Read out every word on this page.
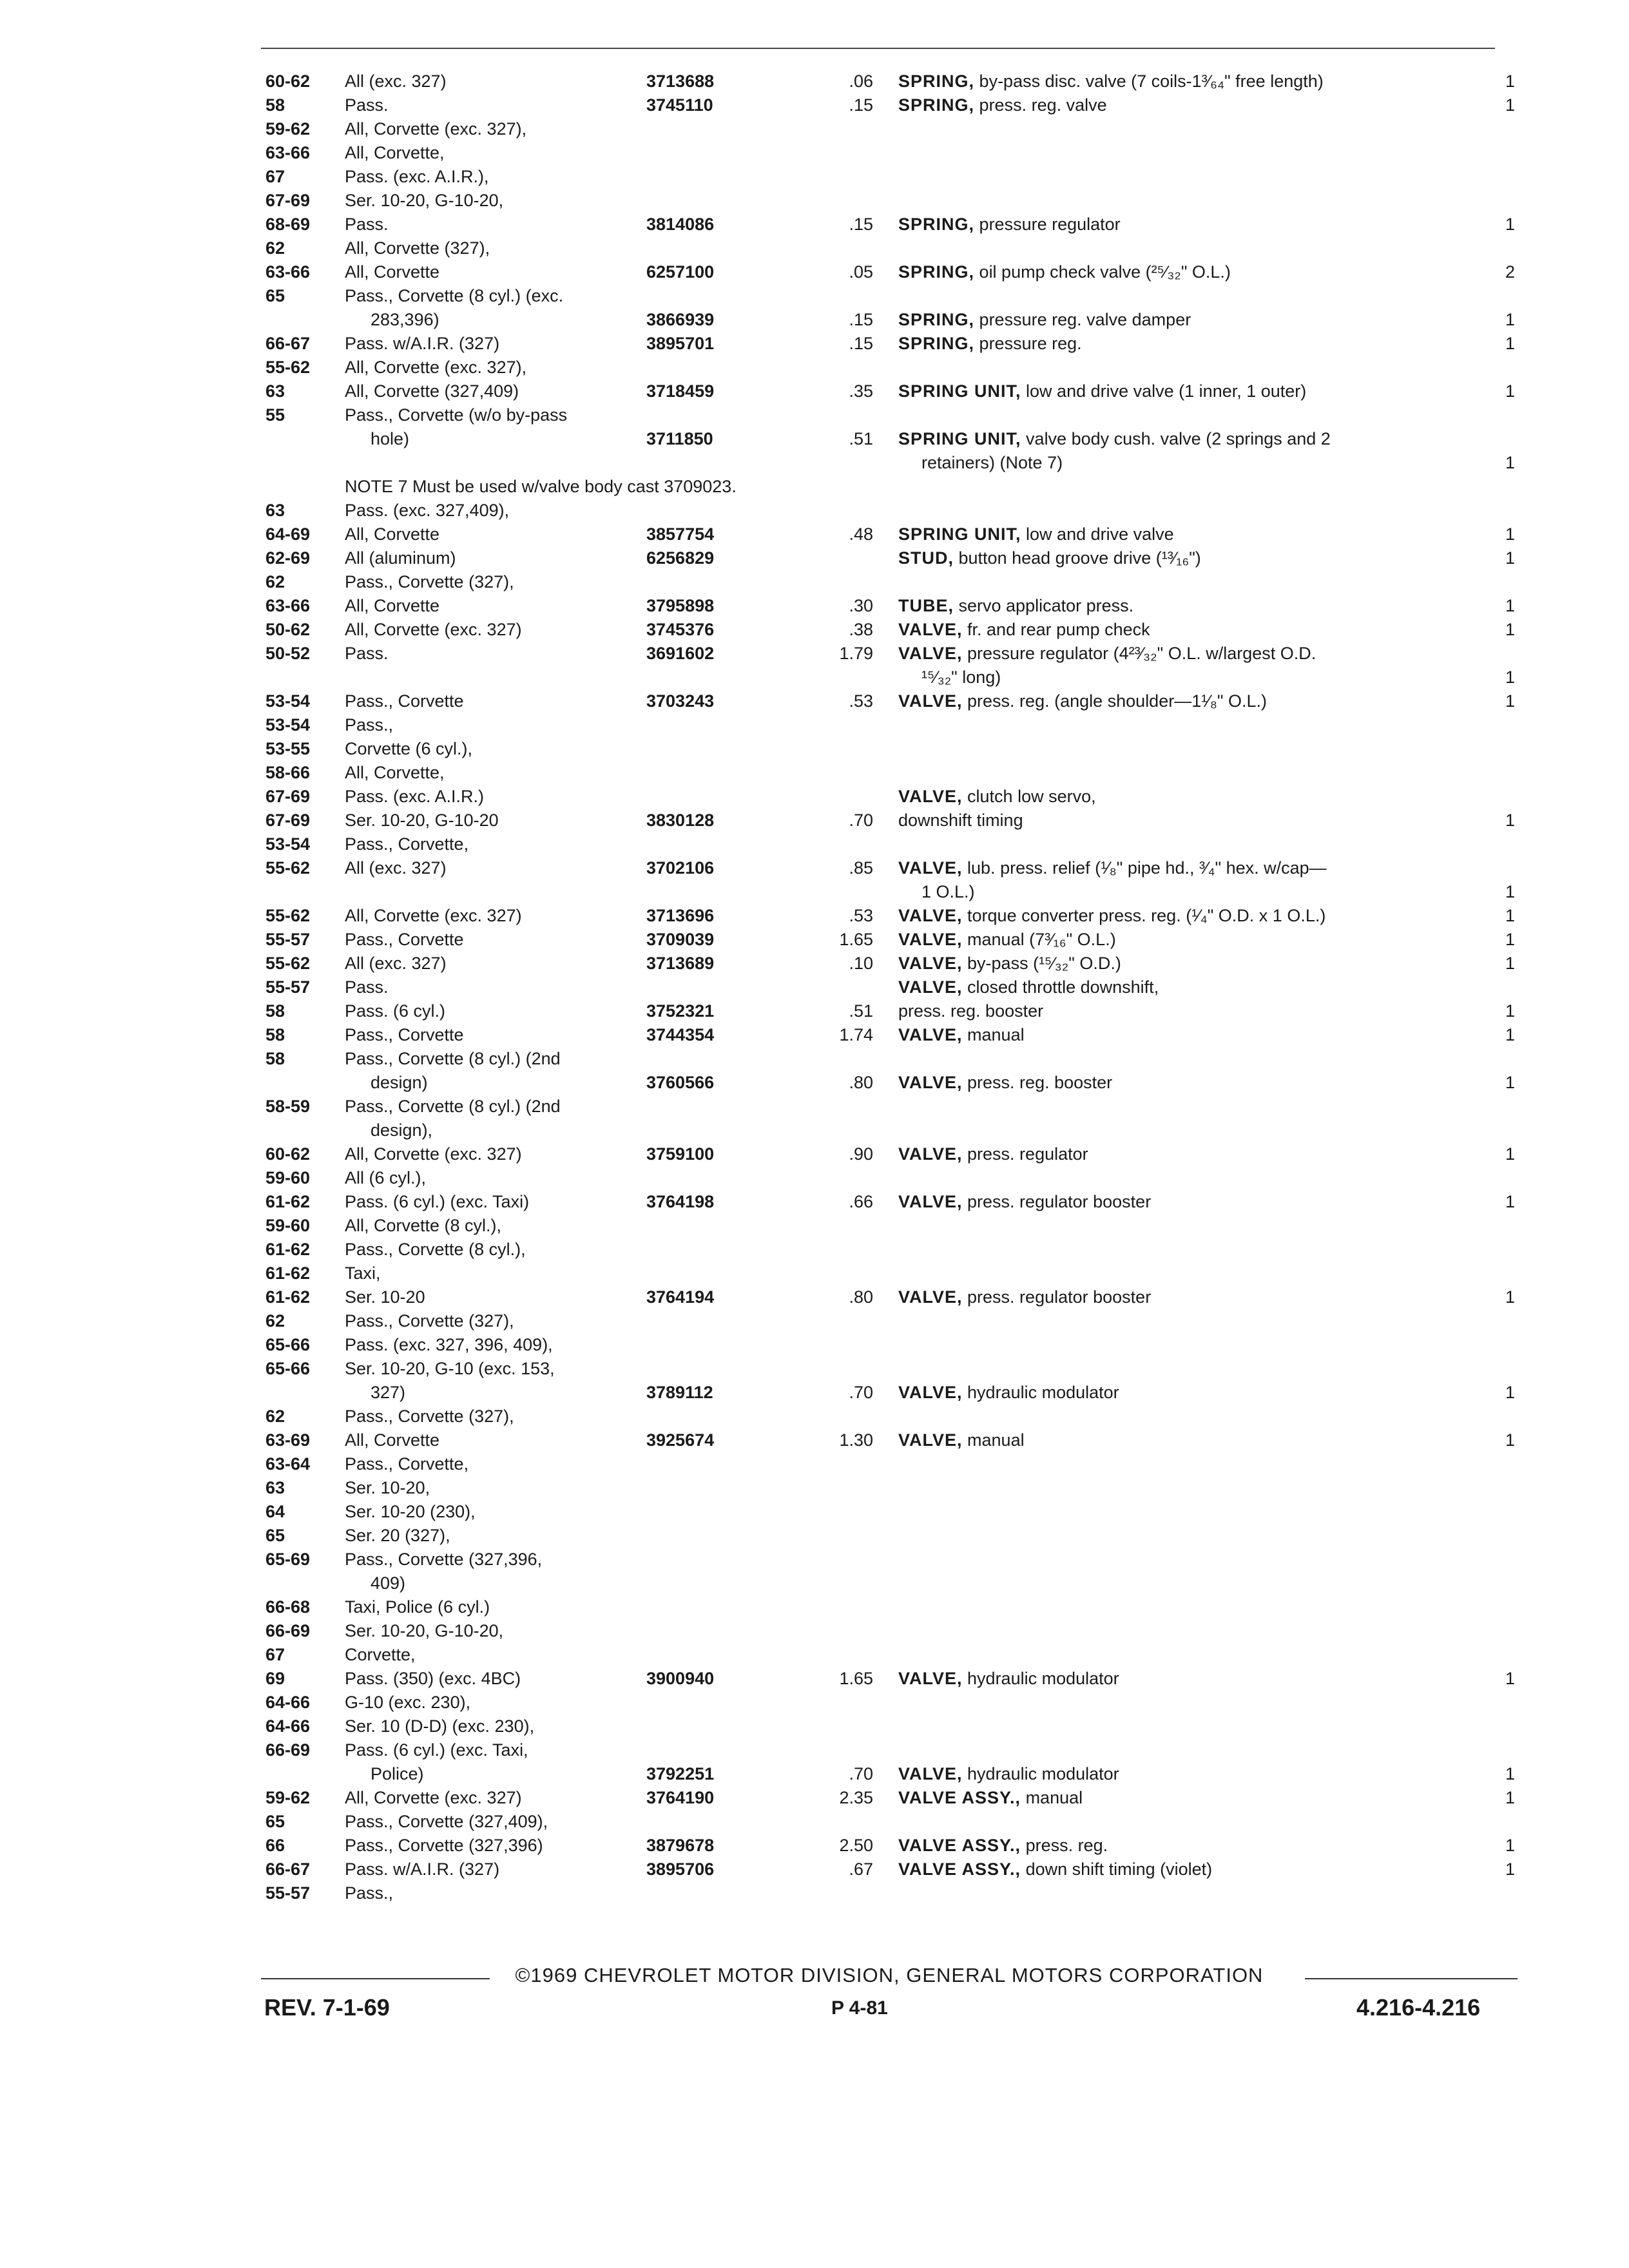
60-62 All (exc. 327)	3713688	.06 SPRING, by-pass disc. valve (7 coils-1³⁄₆₄" free length)	1
58	Pass.	3745110	.15 SPRING, press. reg. valve	1
59-62 All, Corvette (exc. 327),
63-66 All, Corvette,
67	Pass. (exc. A.I.R.),
67-69 Ser. 10-20, G-10-20,
68-69 Pass.	3814086	.15 SPRING, pressure regulator	1
62	All, Corvette (327),
63-66 All, Corvette	6257100	.05 SPRING, oil pump check valve (²⁵⁄₃₂" O.L.)	2
65	Pass., Corvette (8 cyl.) (exc.
283,396)	3866939	.15 SPRING, pressure reg. valve damper	1
66-67 Pass. w/A.I.R. (327)	3895701	.15 SPRING, pressure reg.	1
55-62 All, Corvette (exc. 327),
63	All, Corvette (327,409)	3718459	.35 SPRING UNIT, low and drive valve (1 inner, 1 outer)	1
55	Pass., Corvette (w/o by-pass
hole)	3711850	.51 SPRING UNIT, valve body cush. valve (2 springs and 2
retainers) (Note 7)	1
NOTE 7 Must be used w/valve body cast 3709023.
63	Pass. (exc. 327,409),
64-69 All, Corvette	3857754	.48 SPRING UNIT, low and drive valve	1
62-69 All (aluminum)	6256829	STUD, button head groove drive (¹³⁄₁₆")	1
62	Pass., Corvette (327),
63-66 All, Corvette	3795898	.30 TUBE, servo applicator press.	1
50-62 All, Corvette (exc. 327)	3745376	.38 VALVE, fr. and rear pump check	1
50-52 Pass.	3691602	1.79 VALVE, pressure regulator (4²³⁄₃₂" O.L. w/largest O.D.
¹⁵⁄₃₂" long)	1
53-54 Pass., Corvette	3703243	.53 VALVE, press. reg. (angle shoulder—1¹⁄₈" O.L.)	1
53-54 Pass.,
53-55 Corvette (6 cyl.),
58-66 All, Corvette,
67-69 Pass. (exc. A.I.R.)	VALVE, clutch low servo,
67-69 Ser. 10-20, G-10-20	3830128	.70 downshift timing	1
53-54 Pass., Corvette,
55-62 All (exc. 327)	3702106	.85 VALVE, lub. press. relief (¹⁄₈" pipe hd., ³⁄₄" hex. w/cap—
1 O.L.)	1
55-62 All, Corvette (exc. 327)	3713696	.53 VALVE, torque converter press. reg. (¹⁄₄" O.D. x 1 O.L.)	1
55-57 Pass., Corvette	3709039	1.65 VALVE, manual (7³⁄₁₆" O.L.)	1
55-62 All (exc. 327)	3713689	.10 VALVE, by-pass (¹⁵⁄₃₂" O.D.)	1
55-57 Pass.	VALVE, closed throttle downshift,
58	Pass. (6 cyl.)	3752321	.51 press. reg. booster	1
58	Pass., Corvette	3744354	1.74 VALVE, manual	1
58	Pass., Corvette (8 cyl.) (2nd
design)	3760566	.80 VALVE, press. reg. booster	1
58-59 Pass., Corvette (8 cyl.) (2nd
design),
60-62 All, Corvette (exc. 327)	3759100	.90 VALVE, press. regulator	1
59-60 All (6 cyl.),
61-62 Pass. (6 cyl.) (exc. Taxi)	3764198	.66 VALVE, press. regulator booster	1
59-60 All, Corvette (8 cyl.),
61-62 Pass., Corvette (8 cyl.),
61-62 Taxi,
61-62 Ser. 10-20	3764194	.80 VALVE, press. regulator booster	1
62	Pass., Corvette (327),
65-66 Pass. (exc. 327, 396, 409),
65-66 Ser. 10-20, G-10 (exc. 153,
327)	3789112	.70 VALVE, hydraulic modulator	1
62	Pass., Corvette (327),
63-69 All, Corvette	3925674	1.30 VALVE, manual	1
63-64 Pass., Corvette,
63	Ser. 10-20,
64	Ser. 10-20 (230),
65	Ser. 20 (327),
65-69 Pass., Corvette (327,396,
409)
66-68 Taxi, Police (6 cyl.)
66-69 Ser. 10-20, G-10-20,
67	Corvette,
69	Pass. (350) (exc. 4BC)	3900940	1.65 VALVE, hydraulic modulator	1
64-66 G-10 (exc. 230),
64-66 Ser. 10 (D-D) (exc. 230),
66-69 Pass. (6 cyl.) (exc. Taxi,
Police)	3792251	.70 VALVE, hydraulic modulator	1
59-62 All, Corvette (exc. 327)	3764190	2.35 VALVE ASSY., manual	1
65	Pass., Corvette (327,409),
66	Pass., Corvette (327,396)	3879678	2.50 VALVE ASSY., press. reg.	1
66-67 Pass. w/A.I.R. (327)	3895706	.67 VALVE ASSY., down shift timing (violet)	1
55-57 Pass.,
©1969 CHEVROLET MOTOR DIVISION, GENERAL MOTORS CORPORATION
REV. 7-1-69	P 4-81	4.216-4.216
